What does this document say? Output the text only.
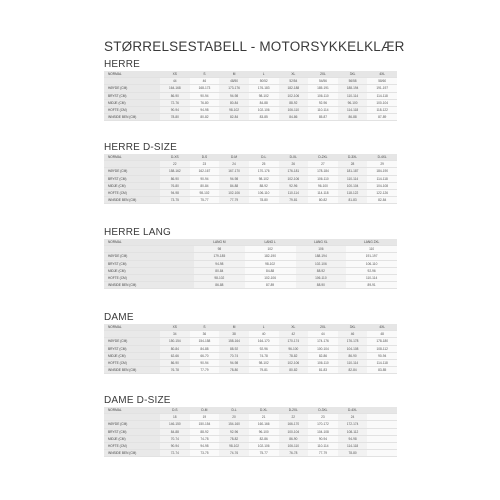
STØRRELSESTABELL - MOTORSYKKELKLÆR
HERRE
NORMAL	XS	S	M	L	XL	2XL	3XL	4XL
	44	46	48/50	50/52	52/54	54/56	56/58	58/60
HØYDE (CM)	164-168	168-173	173-176	176-183	182-188	185-191	188-194	191-197
BRYST (CM)	86-90	90-94	94-98	98-102	102-106	106-110	110-114	114-118
MIDJE (CM)	72-76	76-80	80-84	84-88	88-92	92-96	96-100	100-104
HOFTE (CM)	90-94	94-98	98-102	102-106	106-110	110-114	114-118	118-122
INNSIDE BEN (CM)	78-80	80-82	82-84	83-85	84-86	85-87	86-88	87-89
HERRE D-SIZE
NORMAL	D-XS	D-S	D-M	D-L	D-XL	D-2XL	D-3XL	D-4XL
	22	23	24	25	26	27	28	29
HØYDE (CM)	158-162	162-167	167-170	170-176	176-181	178-184	181-187	184-190
BRYST (CM)	86-90	90-94	94-98	98-102	102-106	106-110	110-114	114-118
MIDJE (CM)	76-80	80-84	84-88	88-92	92-96	96-100	100-104	104-108
HOFTE (CM)	94-98	98-102	102-106	106-110	110-114	114-118	118-122	122-126
INNSIDE BEN (CM)	73-75	75-77	77-79	78-80	79-81	80-82	81-83	82-84
HERRE LANG
NORMAL	LANG M	LANG L	LANG XL	LANG 2XL
	98	102	106	110
HØYDE (CM)	179-185	182-190	188-194	191-197
BRYST (CM)	94-98	98-102	102-106	106-110
MIDJE (CM)	80-84	84-88	88-92	92-96
HOFTE (CM)	98-102	102-106	106-110	110-114
INNSIDE BEN (CM)	86-88	87-89	88-90	89-91
DAME
NORMAL	XS	S	M	L	XL	2XL	3XL	4XL
	34	36	38	40	42	44	46	48
HØYDE (CM)	150-154	154-158	158-164	164-170	170-174	174-176	176-178	178-180
BRYST (CM)	80-84	84-88	88-92	92-96	96-100	100-104	104-108	108-112
MIDJE (CM)	62-66	66-70	70-74	74-78	78-82	82-86	86-90	90-94
HOFTE (CM)	86-90	90-94	94-98	98-102	102-106	106-110	110-114	114-118
INNSIDE BEN (CM)	76-78	77-79	78-80	79-81	80-82	81-83	82-84	83-85
DAME D-SIZE
NORMAL	D-S	D-M	D-L	D-XL	D-2XL	D-3XL	D-4XL	
	18	19	20	21	22	23	24	
HØYDE (CM)	146-150	150-154	154-160	160-166	166-170	170-172	172-174	
BRYST (CM)	84-88	88-92	92-96	96-100	100-104	104-108	108-112	
MIDJE (CM)	70-74	74-78	78-82	82-86	86-90	90-94	94-98	
HOFTE (CM)	90-94	94-98	98-102	102-106	106-110	110-114	114-118	
INNSIDE BEN (CM)	72-74	73-75	74-76	75-77	76-78	77-79	78-80	
